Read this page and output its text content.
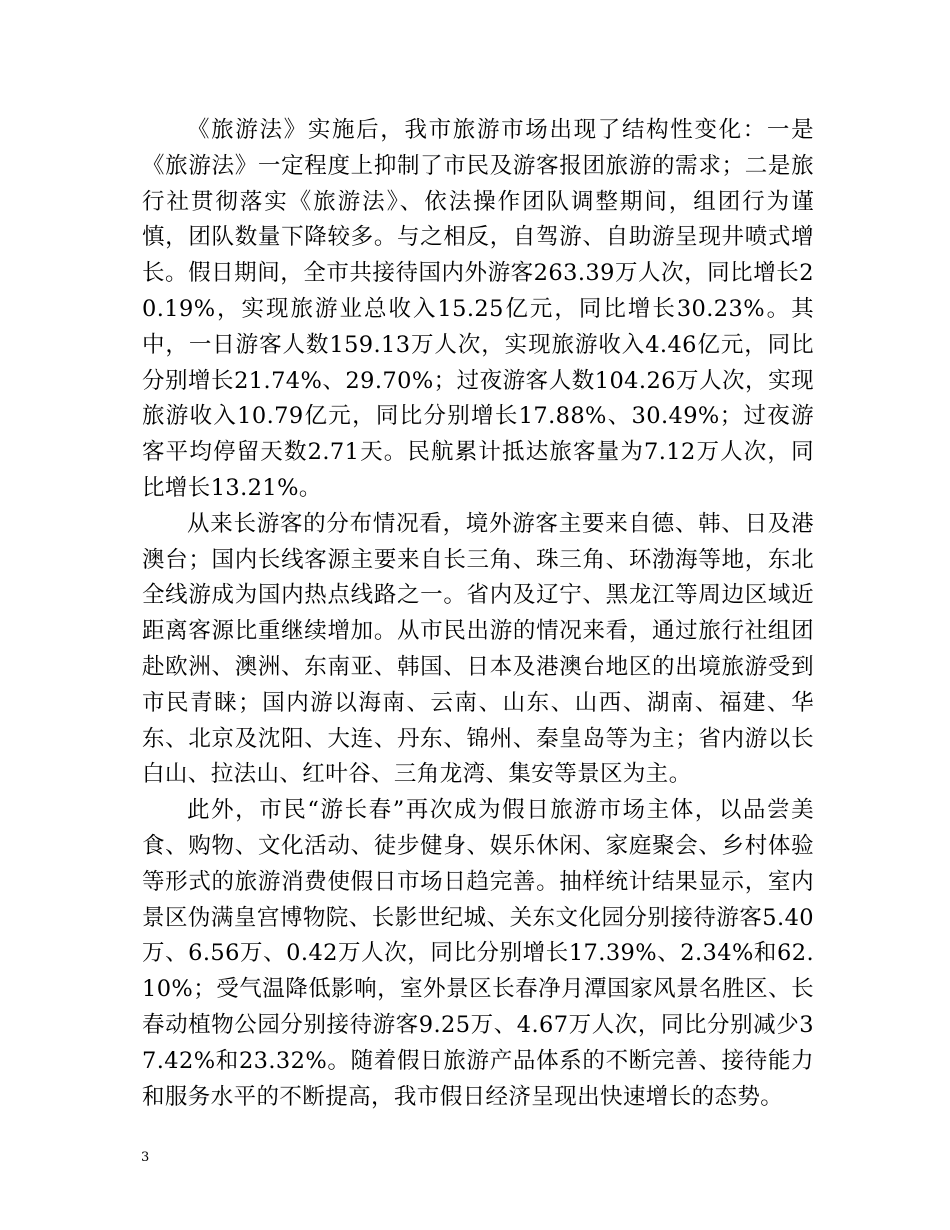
《旅游法》实施后，我市旅游市场出现了结构性变化：一是《旅游法》一定程度上抑制了市民及游客报团旅游的需求；二是旅行社贯彻落实《旅游法》、依法操作团队调整期间，组团行为谨慎，团队数量下降较多。与之相反，自驾游、自助游呈现井喷式增长。假日期间，全市共接待国内外游客263.39万人次，同比增长20.19%，实现旅游业总收入15.25亿元，同比增长30.23%。其中，一日游客人数159.13万人次，实现旅游收入4.46亿元，同比分别增长21.74%、29.70%；过夜游客人数104.26万人次，实现旅游收入10.79亿元，同比分别增长17.88%、30.49%；过夜游客平均停留天数2.71天。民航累计抵达旅客量为7.12万人次，同比增长13.21%。

从来长游客的分布情况看，境外游客主要来自德、韩、日及港澳台；国内长线客源主要来自长三角、珠三角、环渤海等地，东北全线游成为国内热点线路之一。省内及辽宁、黑龙江等周边区域近距离客源比重继续增加。从市民出游的情况来看，通过旅行社组团赴欧洲、澳洲、东南亚、韩国、日本及港澳台地区的出境旅游受到市民青睐；国内游以海南、云南、山东、山西、湖南、福建、华东、北京及沈阳、大连、丹东、锦州、秦皇岛等为主；省内游以长白山、拉法山、红叶谷、三角龙湾、集安等景区为主。

此外，市民“游长春”再次成为假日旅游市场主体，以品尝美食、购物、文化活动、徒步健身、娱乐休闲、家庭聚会、乡村体验等形式的旅游消费使假日市场日趋完善。抽样统计结果显示，室内景区伪满皇宫博物院、长影世纪城、关东文化园分别接待游客5.40万、6.56万、0.42万人次，同比分别增长17.39%、2.34%和62.10%；受气温降低影响，室外景区长春净月潭国家风景名胜区、长春动植物公园分别接待游客9.25万、4.67万人次，同比分别减少37.42%和23.32%。随着假日旅游产品体系的不断完善、接待能力和服务水平的不断提高，我市假日经济呈现出快速增长的态势。

3
